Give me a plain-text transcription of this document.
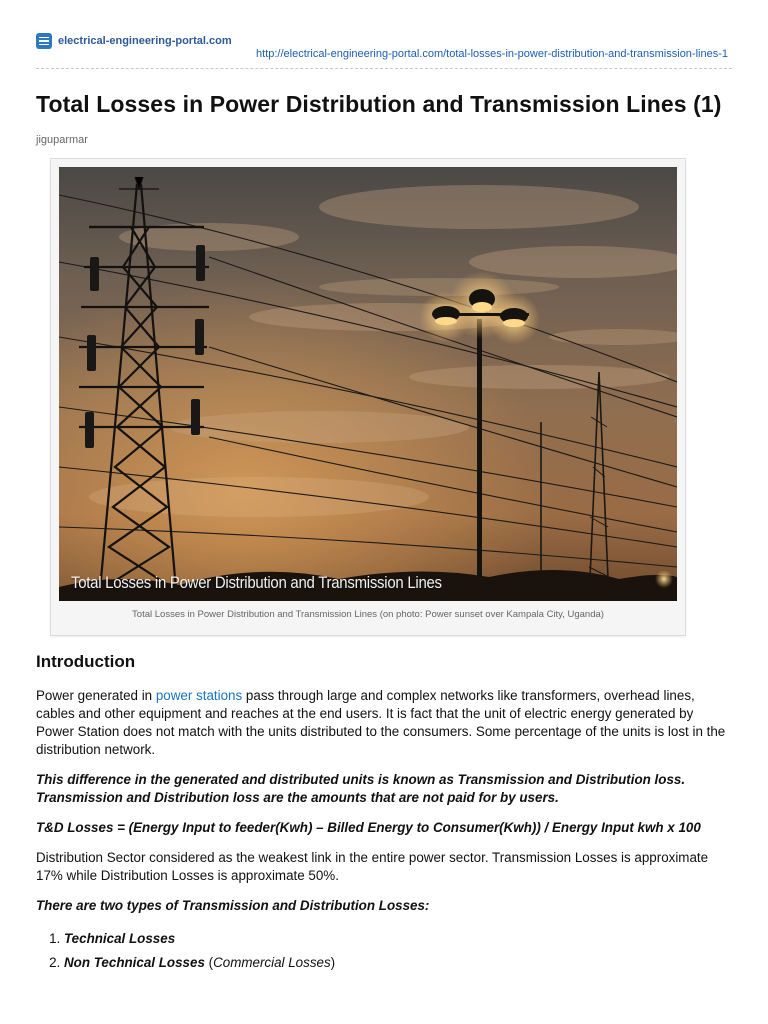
electrical-engineering-portal.com
http://electrical-engineering-portal.com/total-losses-in-power-distribution-and-transmission-lines-1
Total Losses in Power Distribution and Transmission Lines (1)
jiguparmar
Total Losses in Power Distribution and Transmission Lines
Total Losses in Power Distribution and Transmission Lines (on photo: Power sunset over Kampala City, Uganda)
Introduction

Power generated in power stations pass through large and complex networks like transformers, overhead lines, cables and other equipment and reaches at the end users. It is fact that the unit of electric energy generated by Power Station does not match with the units distributed to the consumers. Some percentage of the units is lost in the distribution network.

This difference in the generated and distributed units is known as Transmission and Distribution loss. Transmission and Distribution loss are the amounts that are not paid for by users.

T&D Losses = (Energy Input to feeder(Kwh) – Billed Energy to Consumer(Kwh)) / Energy Input kwh x 100

Distribution Sector considered as the weakest link in the entire power sector. Transmission Losses is approximate 17% while Distribution Losses is approximate 50%.

There are two types of Transmission and Distribution Losses:

1. Technical Losses
2. Non Technical Losses (Commercial Losses)
